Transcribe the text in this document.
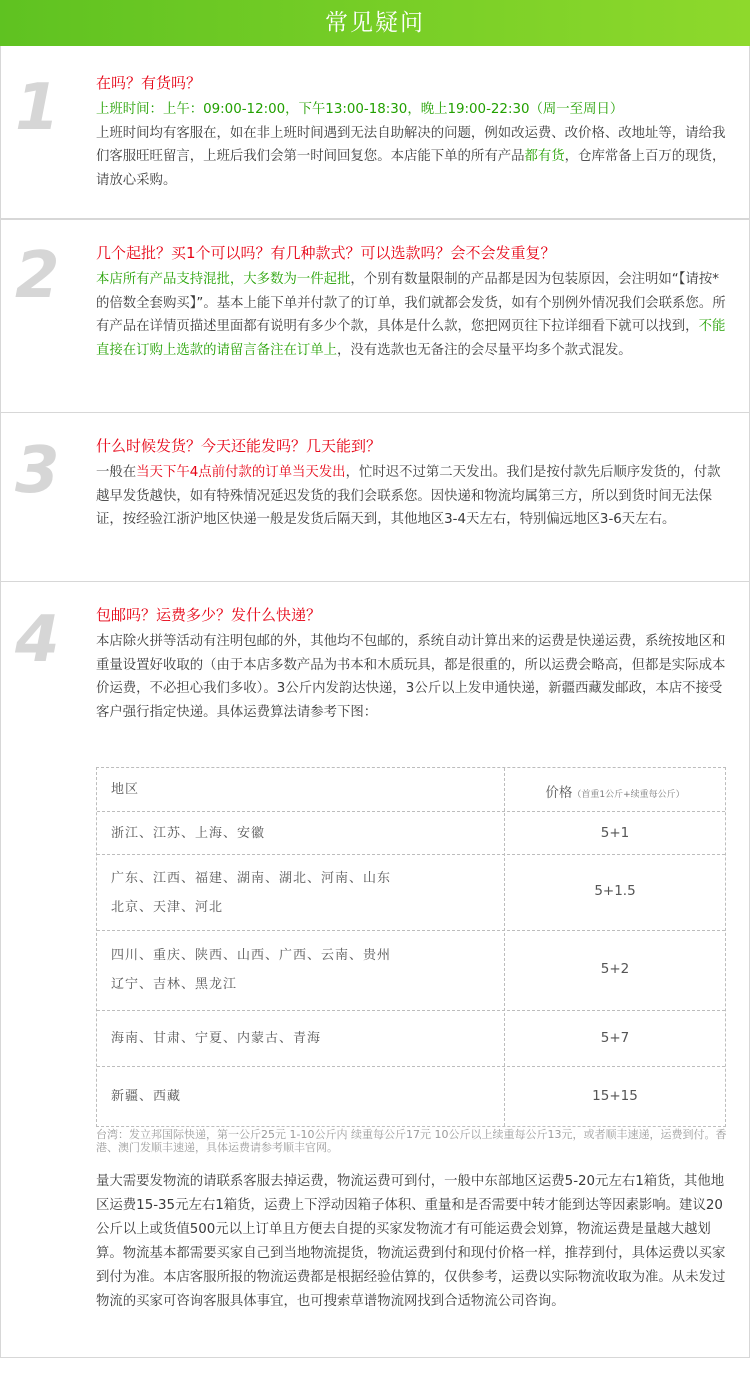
常见疑问
1 在吗？有货吗？

上班时间：上午：09:00-12:00，下午13:00-18:30，晚上19:00-22:30（周一至周日）

上班时间均有客服在，如在非上班时间遇到无法自助解决的问题，例如改运费、改价格、改地址等，请给我们客服旺旺留言，上班后我们会第一时间回复您。本店能下单的所有产品都有货，仓库常备上百万的现货，请放心采购。

2 几个起批？买1个可以吗？有几种款式？可以选款吗？会不会发重复？

本店所有产品支持混批，大多数为一件起批，个别有数量限制的产品都是因为包装原因，会注明如“【请按*的倍数全套购买】”。基本上能下单并付款了的订单，我们就都会发货，如有个别例外情况我们会联系您。所有产品在详情页描述里面都有说明有多少个款，具体是什么款，您把网页往下拉详细看下就可以找到，不能直接在订购上选款的请留言备注在订单上，没有选款也无备注的会尽量平均多个款式混发。

3 什么时候发货？今天还能发吗？几天能到？

一般在当天下午4点前付款的订单当天发出，忙时迟不过第二天发出。我们是按付款先后顺序发货的，付款越早发货越快，如有特殊情况延迟发货的我们会联系您。因快递和物流均属第三方，所以到货时间无法保证，按经验江浙沪地区快递一般是发货后隔天到，其他地区3-4天左右，特别偏远地区3-6天左右。

4 包邮吗？运费多少？发什么快递？

本店除火拼等活动有注明包邮的外，其他均不包邮的，系统自动计算出来的运费是快递运费，系统按地区和重量设置好收取的（由于本店多数产品为书本和木质玩具，都是很重的，所以运费会略高，但都是实际成本价运费，不必担心我们多收）。3公斤内发韵达快递，3公斤以上发申通快递，新疆西藏发邮政，本店不接受客户强行指定快递。具体运费算法请参考下图：

地区	价格（首重1公斤+续重每公斤）
浙江、江苏、上海、安徽	5+1
广东、江西、福建、湖南、湖北、河南、山东
北京、天津、河北
5+1.5
四川、重庆、陕西、山西、广西、云南、贵州
辽宁、吉林、黑龙江
5+2
海南、甘肃、宁夏、内蒙古、青海	5+7
新疆、西藏	15+15

台湾：发立邦国际快递，第一公斤25元 1-10公斤内 续重每公斤17元 10公斤以上续重每公斤13元，或者顺丰速递，运费到付。香港、澳门发顺丰速递，具体运费请参考顺丰官网。

量大需要发物流的请联系客服去掉运费，物流运费可到付，一般中东部地区运费5-20元左右1箱货，其他地区运费15-35元左右1箱货，运费上下浮动因箱子体积、重量和是否需要中转才能到达等因素影响。建议20公斤以上或货值500元以上订单且方便去自提的买家发物流才有可能运费会划算，物流运费是量越大越划算。物流基本都需要买家自己到当地物流提货，物流运费到付和现付价格一样，推荐到付，具体运费以买家到付为准。本店客服所报的物流运费都是根据经验估算的，仅供参考，运费以实际物流收取为准。从未发过物流的买家可咨询客服具体事宜，也可搜索草谱物流网找到合适物流公司咨询。
